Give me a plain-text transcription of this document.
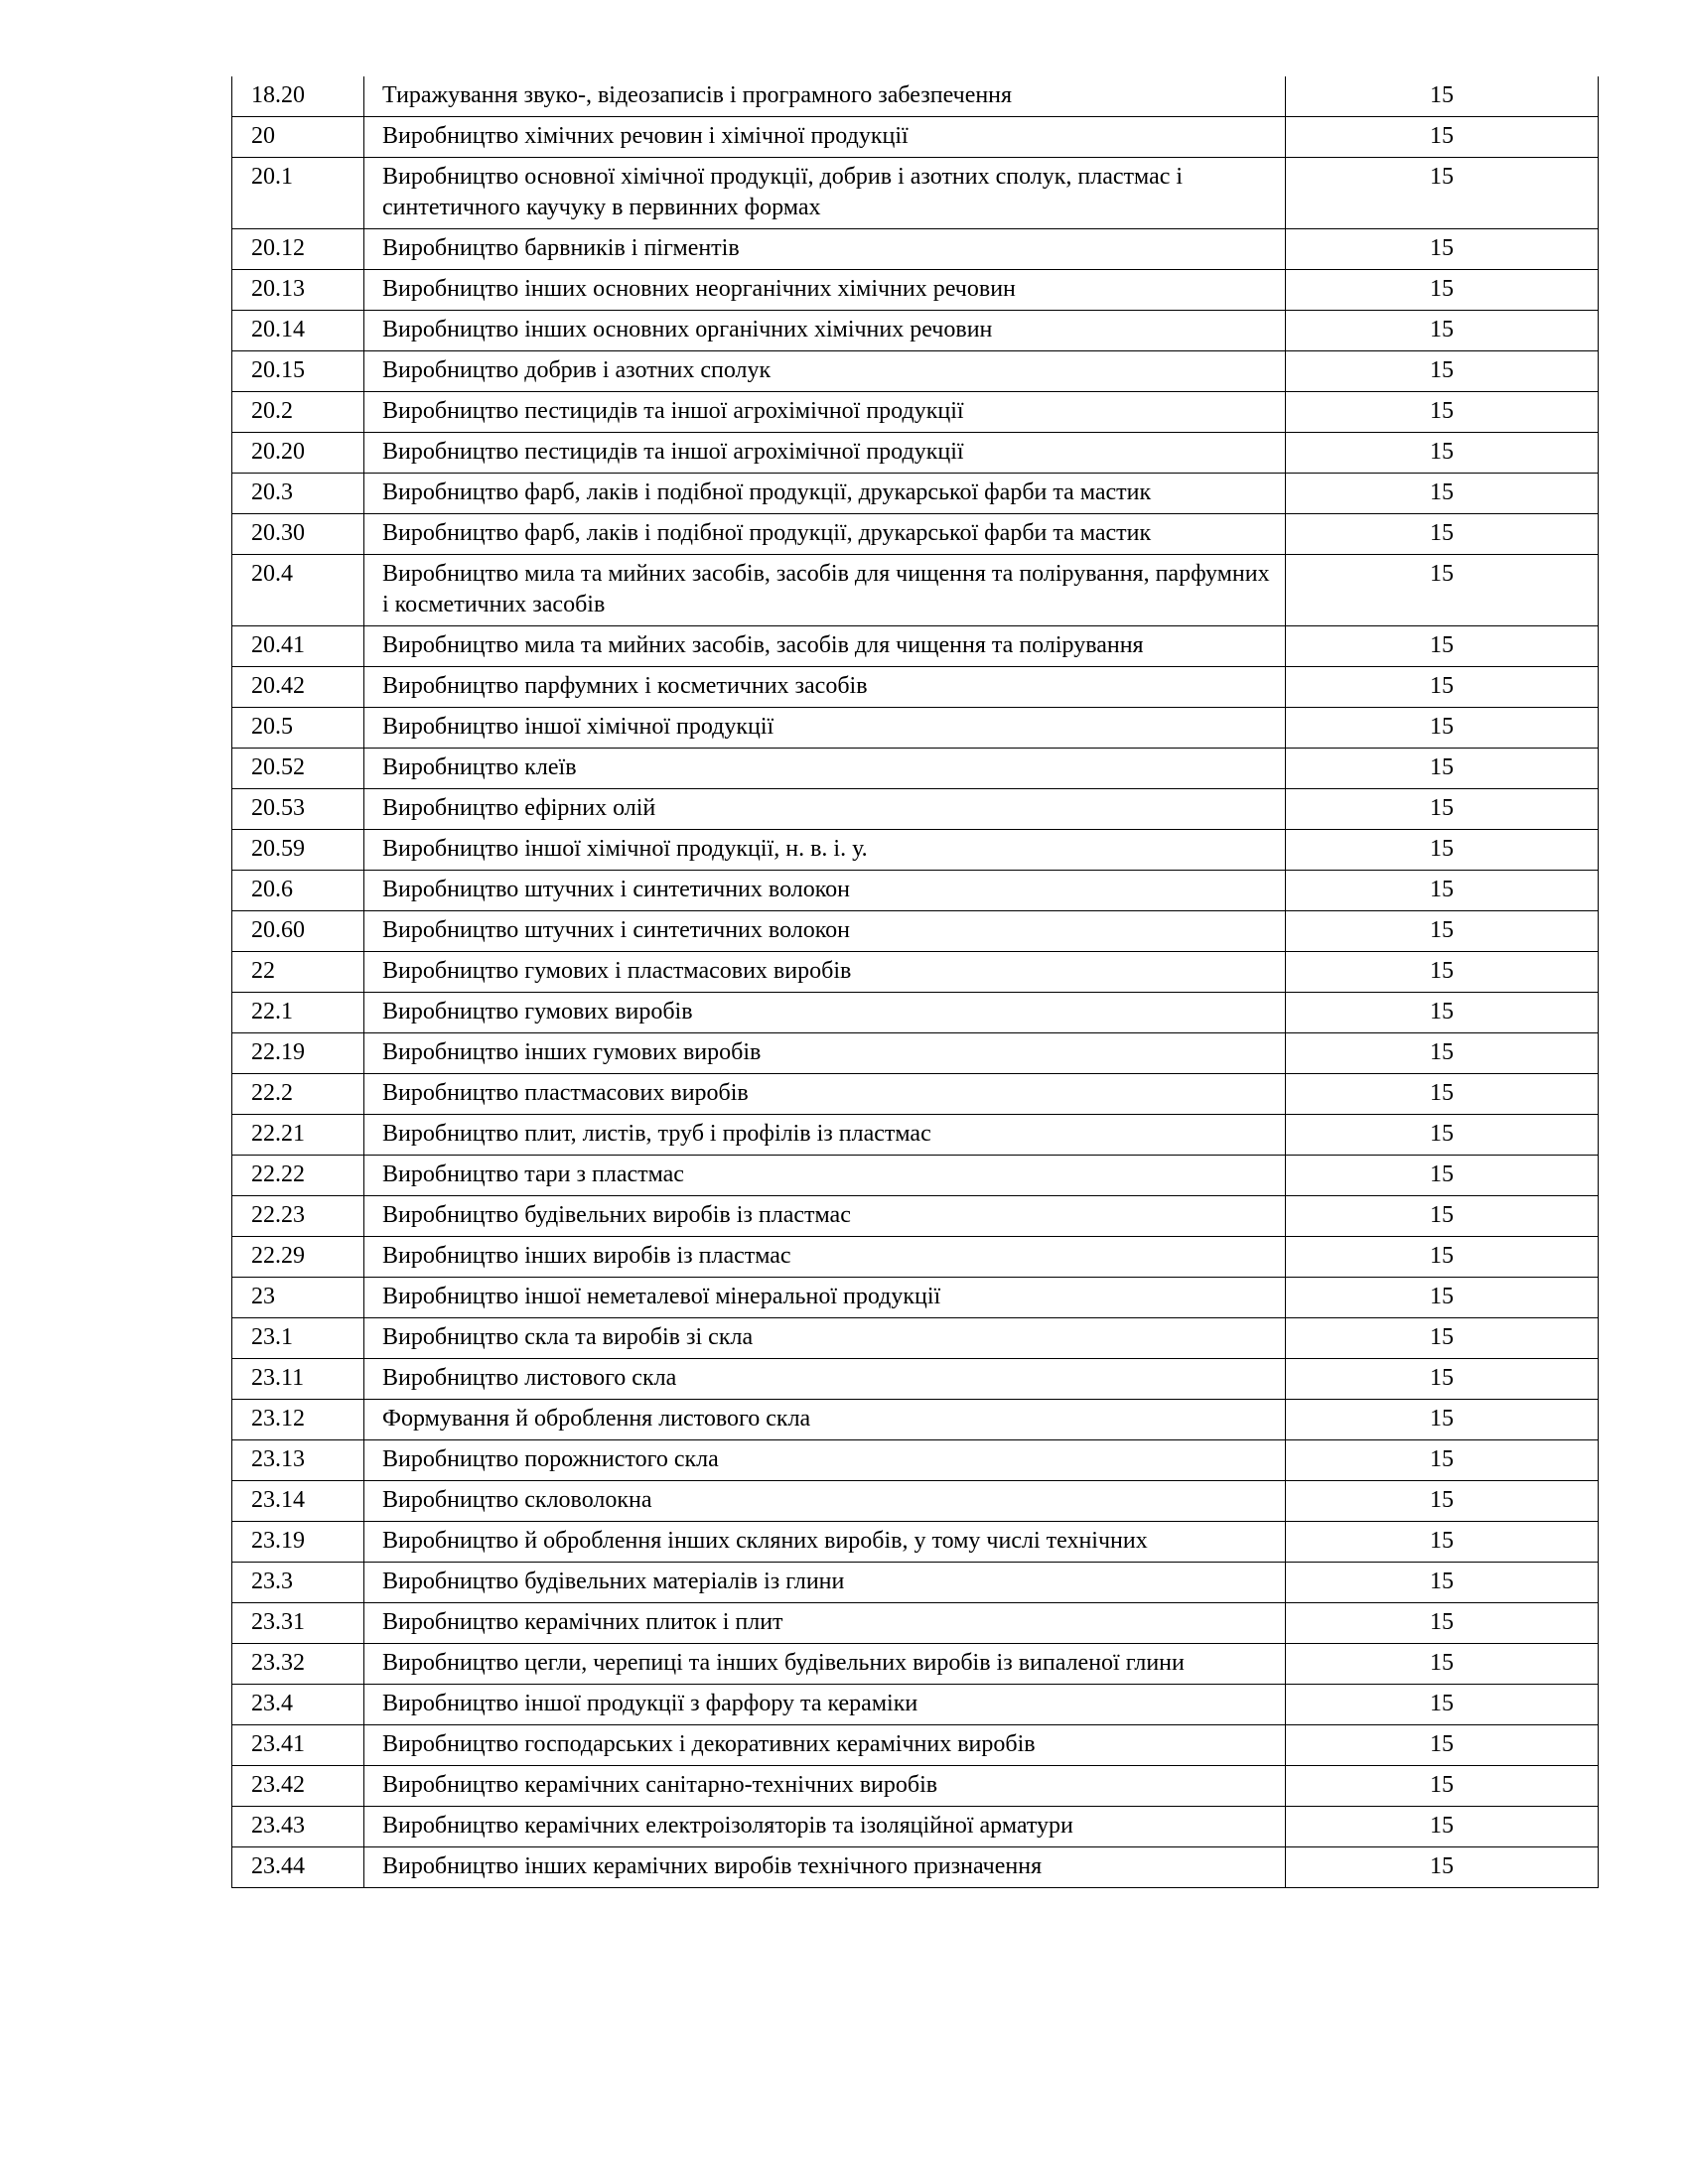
18.20	Тиражування звуко-, відеозаписів і програмного забезпечення	15
20	Виробництво хімічних речовин і хімічної продукції	15
20.1	Виробництво основної хімічної продукції, добрив і азотних сполук, пластмас і синтетичного каучуку в первинних формах	15
20.12	Виробництво барвників і пігментів	15
20.13	Виробництво інших основних неорганічних хімічних речовин	15
20.14	Виробництво інших основних органічних хімічних речовин	15
20.15	Виробництво добрив і азотних сполук	15
20.2	Виробництво пестицидів та іншої агрохімічної продукції	15
20.20	Виробництво пестицидів та іншої агрохімічної продукції	15
20.3	Виробництво фарб, лаків і подібної продукції, друкарської фарби та мастик	15
20.30	Виробництво фарб, лаків і подібної продукції, друкарської фарби та мастик	15
20.4	Виробництво мила та мийних засобів, засобів для чищення та полірування, парфумних і косметичних засобів	15
20.41	Виробництво мила та мийних засобів, засобів для чищення та полірування	15
20.42	Виробництво парфумних і косметичних засобів	15
20.5	Виробництво іншої хімічної продукції	15
20.52	Виробництво клеїв	15
20.53	Виробництво ефірних олій	15
20.59	Виробництво іншої хімічної продукції, н. в. і. у.	15
20.6	Виробництво штучних і синтетичних волокон	15
20.60	Виробництво штучних і синтетичних волокон	15
22	Виробництво гумових і пластмасових виробів	15
22.1	Виробництво гумових виробів	15
22.19	Виробництво інших гумових виробів	15
22.2	Виробництво пластмасових виробів	15
22.21	Виробництво плит, листів, труб і профілів із пластмас	15
22.22	Виробництво тари з пластмас	15
22.23	Виробництво будівельних виробів із пластмас	15
22.29	Виробництво інших виробів із пластмас	15
23	Виробництво іншої неметалевої мінеральної продукції	15
23.1	Виробництво скла та виробів зі скла	15
23.11	Виробництво листового скла	15
23.12	Формування й оброблення листового скла	15
23.13	Виробництво порожнистого скла	15
23.14	Виробництво скловолокна	15
23.19	Виробництво й оброблення інших скляних виробів, у тому числі технічних	15
23.3	Виробництво будівельних матеріалів із глини	15
23.31	Виробництво керамічних плиток і плит	15
23.32	Виробництво цегли, черепиці та інших будівельних виробів із випаленої глини	15
23.4	Виробництво іншої продукції з фарфору та кераміки	15
23.41	Виробництво господарських і декоративних керамічних виробів	15
23.42	Виробництво керамічних санітарно-технічних виробів	15
23.43	Виробництво керамічних електроізоляторів та ізоляційної арматури	15
23.44	Виробництво інших керамічних виробів технічного призначення	15
